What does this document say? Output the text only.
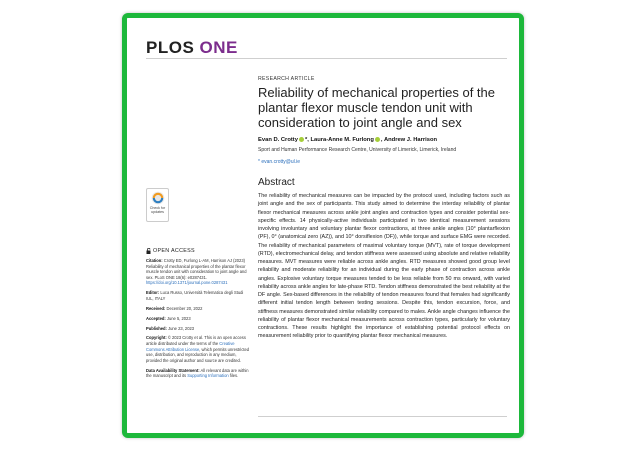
PLOS ONE
Check for
updates
OPEN ACCESS

Citation: Crotty ED, Furlong L-AM, Harrison AJ (2023) Reliability of mechanical properties of the plantar flexor muscle tendon unit with consideration to joint angle and sex. PLoS ONE 18(6): e0287431. https://doi.org/10.1371/journal.pone.0287431

Editor: Luca Russo, Università Telematica degli Studi IUL, ITALY

Received: December 20, 2022

Accepted: June 5, 2023

Published: June 23, 2023

Copyright: © 2023 Crotty et al. This is an open access article distributed under the terms of the Creative Commons Attribution License, which permits unrestricted use, distribution, and reproduction in any medium, provided the original author and source are credited.

Data Availability Statement: All relevant data are within the manuscript and its Supporting Information files.

RESEARCH ARTICLE
Reliability of mechanical properties of the plantar flexor muscle tendon unit with consideration to joint angle and sex
Evan D. Crotty *, Laura-Anne M. Furlong , Andrew J. Harrison
Sport and Human Performance Research Centre, University of Limerick, Limerick, Ireland
* evan.crotty@ul.ie
Abstract
The reliability of mechanical measures can be impacted by the protocol used, including factors such as joint angle and the sex of participants. This study aimed to determine the interday reliability of plantar flexor mechanical measures across ankle joint angles and contraction types and consider potential sex-specific effects. 14 physically-active individuals participated in two identical measurement sessions involving involuntary and voluntary plantar flexor contractions, at three ankle angles (10° plantarflexion (PF), 0° (anatomical zero (AZ)), and 10° dorsiflexion (DF)), while torque and surface EMG were recorded. The reliability of mechanical parameters of maximal voluntary torque (MVT), rate of torque development (RTD), electromechanical delay, and tendon stiffness were assessed using absolute and relative reliability measures. MVT measures were reliable across ankle angles. RTD measures showed good group level reliability and moderate reliability for an individual during the early phase of contraction across ankle angles. Explosive voluntary torque measures tended to be less reliable from 50 ms onward, with varied reliability across ankle angles for late-phase RTD. Tendon stiffness demonstrated the best reliability at the DF angle. Sex-based differences in the reliability of tendon measures found that females had significantly different initial tendon length between testing sessions. Despite this, tendon excursion, force, and stiffness measures demonstrated similar reliability compared to males. Ankle angle changes influence the reliability of plantar flexor mechanical measurements across contraction types, particularly for voluntary contractions. These results highlight the importance of establishing potential protocol effects on measurement reliability prior to quantifying plantar flexor mechanical measures.
